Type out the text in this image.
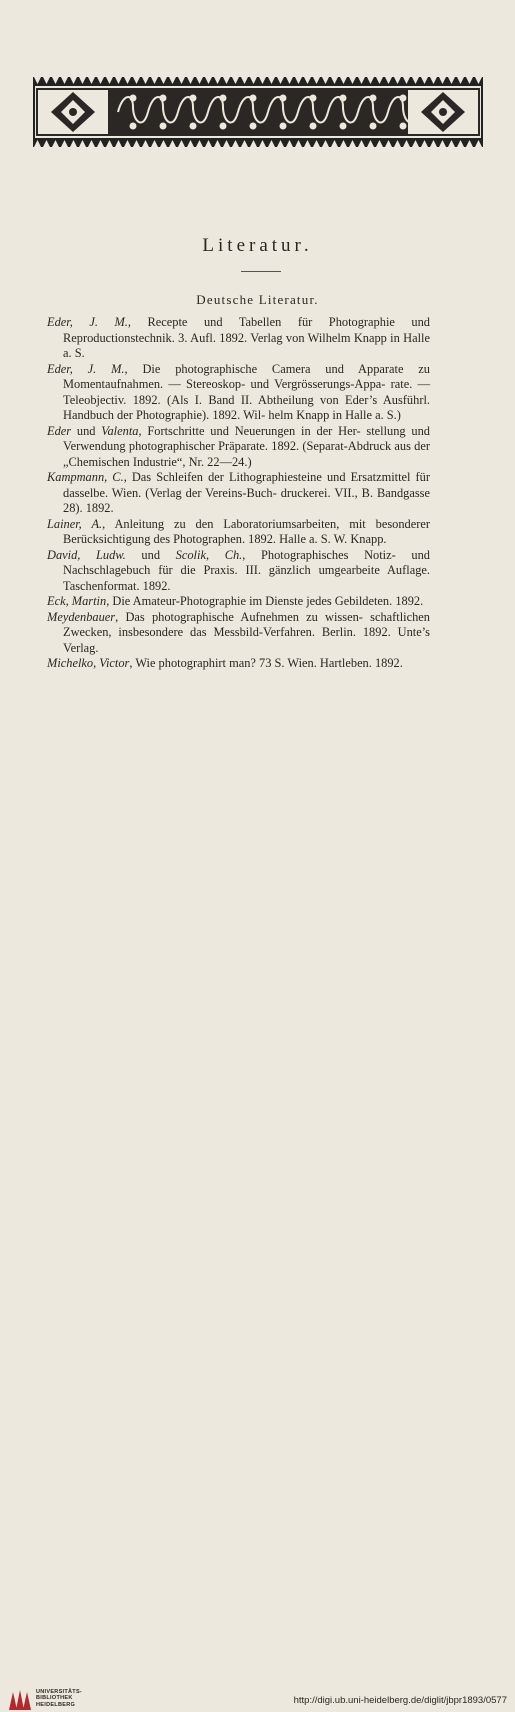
Literatur.
Deutsche Literatur.

Eder, J. M., Recepte und Tabellen für Photographie und Reproductionstechnik. 3. Aufl. 1892. Verlag von Wilhelm Knapp in Halle a. S.

Eder, J. M., Die photographische Camera und Apparate zu Momentaufnahmen. — Stereoskop- und Vergrösserungs-Appa- rate. — Teleobjectiv. 1892. (Als I. Band II. Abtheilung von Eder’s Ausführl. Handbuch der Photographie). 1892. Wil- helm Knapp in Halle a. S.)

Eder und Valenta, Fortschritte und Neuerungen in der Her- stellung und Verwendung photographischer Präparate. 1892. (Separat-Abdruck aus der „Chemischen Industrie“, Nr. 22—24.)

Kampmann, C., Das Schleifen der Lithographiesteine und Ersatzmittel für dasselbe. Wien. (Verlag der Vereins-Buch- druckerei. VII., B. Bandgasse 28). 1892.

Lainer, A., Anleitung zu den Laboratoriumsarbeiten, mit besonderer Berücksichtigung des Photographen. 1892. Halle a. S. W. Knapp.

David, Ludw. und Scolik, Ch., Photographisches Notiz- und Nachschlagebuch für die Praxis. III. gänzlich umgearbeite Auflage. Taschenformat. 1892.

Eck, Martin, Die Amateur-Photographie im Dienste jedes Gebildeten. 1892.

Meydenbauer, Das photographische Aufnehmen zu wissen- schaftlichen Zwecken, insbesondere das Messbild-Verfahren. Berlin. 1892. Unte’s Verlag.

Michelko, Victor, Wie photographirt man? 73 S. Wien. Hartleben. 1892.

UNIVERSITÄTS-
BIBLIOTHEK
HEIDELBERG	http://digi.ub.uni-heidelberg.de/diglit/jbpr1893/0577
